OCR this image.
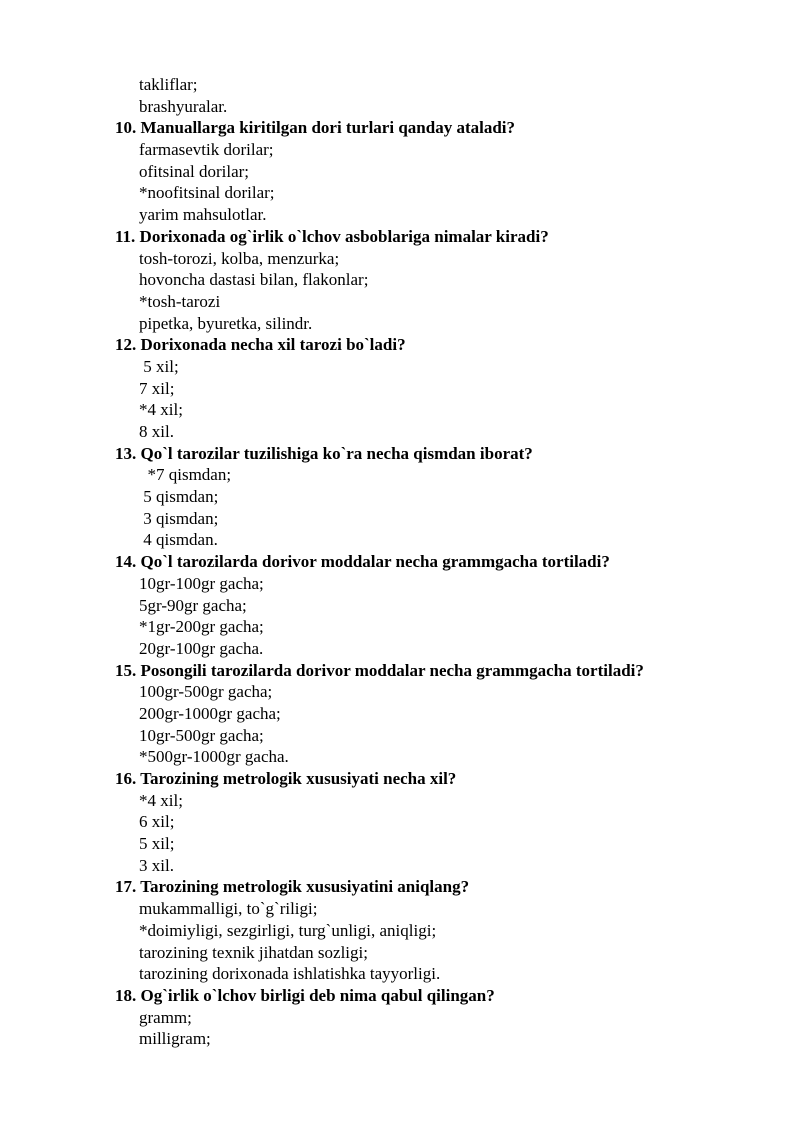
takliflar;
brashyuralar.
10. Manuallarga kiritilgan dori turlari qanday ataladi?
farmasevtik dorilar;
ofitsinal dorilar;
*noofitsinal dorilar;
yarim mahsulotlar.
11. Dorixonada og`irlik o`lchov asboblariga nimalar kiradi?
tosh-torozi, kolba, menzurka;
hovoncha dastasi bilan, flakonlar;
*tosh-tarozi
pipetka, byuretka, silindr.
12. Dorixonada necha xil tarozi bo`ladi?
5 xil;
7 xil;
*4 xil;
8 xil.
13. Qo`l tarozilar tuzilishiga ko`ra necha qismdan iborat?
*7 qismdan;
5 qismdan;
3 qismdan;
4 qismdan.
14. Qo`l tarozilarda dorivor moddalar necha grammgacha tortiladi?
10gr-100gr gacha;
5gr-90gr gacha;
*1gr-200gr gacha;
20gr-100gr gacha.
15. Posongili tarozilarda dorivor moddalar necha grammgacha tortiladi?
100gr-500gr gacha;
200gr-1000gr gacha;
10gr-500gr gacha;
*500gr-1000gr gacha.
16. Tarozining metrologik xususiyati necha xil?
*4 xil;
6 xil;
5 xil;
3 xil.
17. Tarozining metrologik xususiyatini aniqlang?
mukammalligi, to`g`riligi;
*doimiyligi, sezgirligi, turg`unligi, aniqligi;
tarozining texnik jihatdan sozligi;
tarozining dorixonada ishlatishka tayyorligi.
18. Og`irlik o`lchov birligi deb nima qabul qilingan?
gramm;
milligram;
